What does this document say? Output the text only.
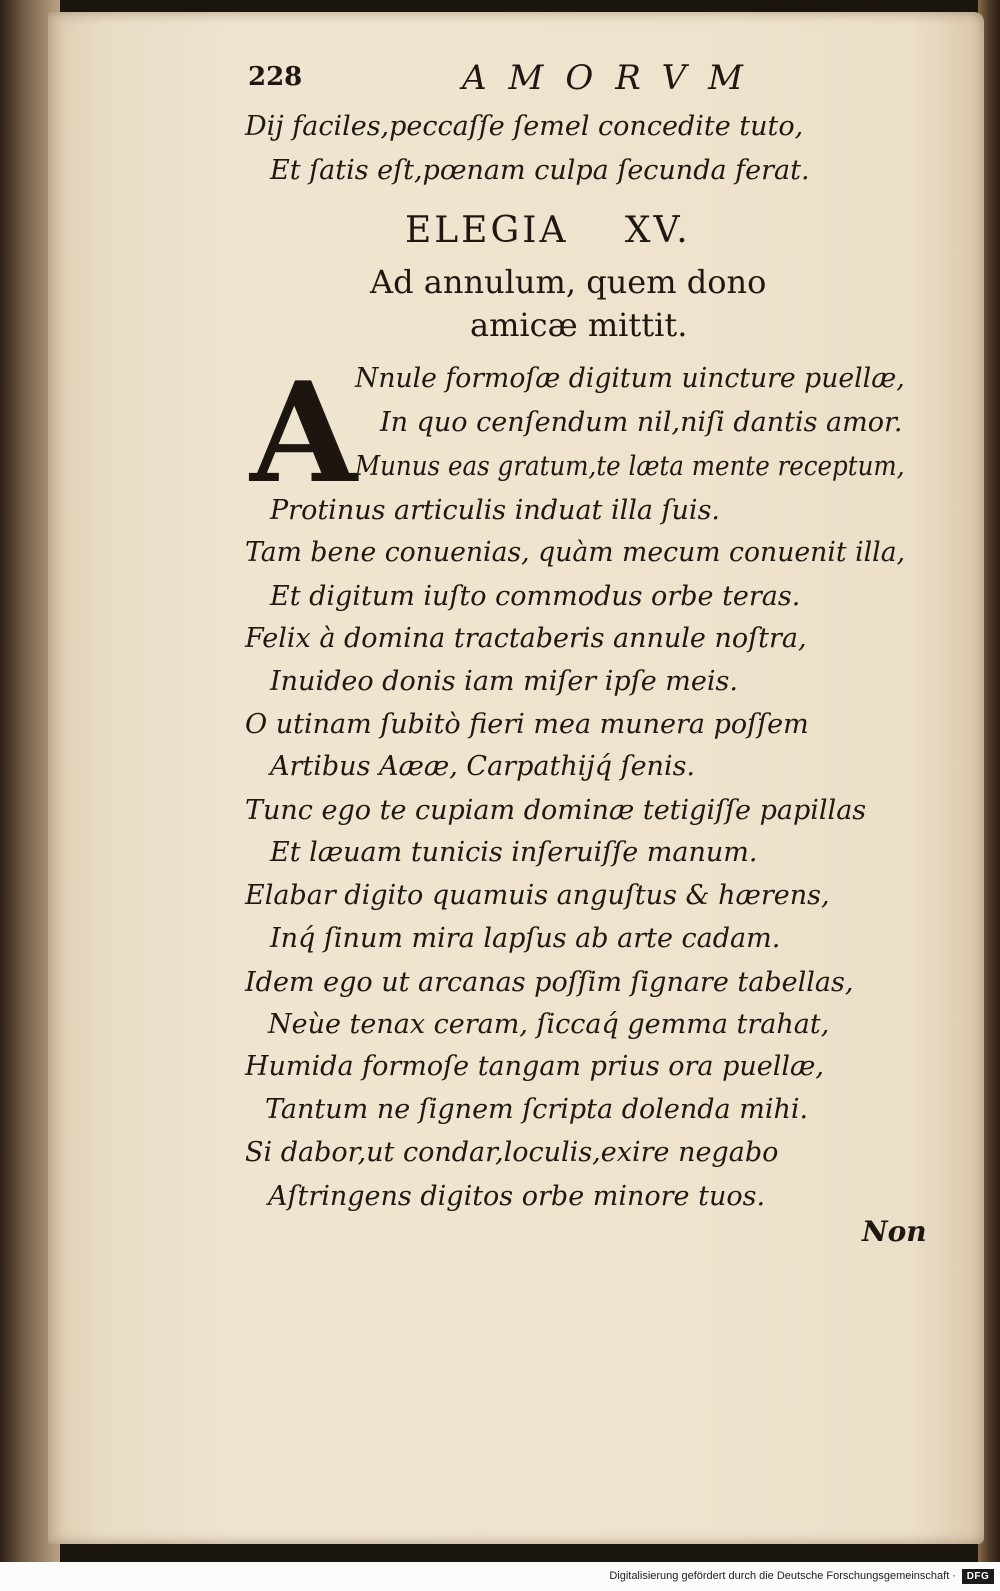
228	AMORVM
Dij faciles,peccaſſe ſemel concedite tuto,
Et ſatis eſt,pœnam culpa ſecunda ferat.
ELEGIA XV.
Ad annulum, quem dono
amicæ mittit.
A
Nnule formoſæ digitum uincture puellæ,
In quo cenſendum nil,niſi dantis amor.
Munus eas gratum,te læta mente receptum,
Protinus articulis induat illa ſuis.
Tam bene conuenias, quàm mecum conuenit illa,
Et digitum iuſto commodus orbe teras.
Felix à domina tractaberis annule noſtra,
Inuideo donis iam miſer ipſe meis.
O utinam ſubitò fieri mea munera poſſem
Artibus Aææ, Carpathijq́ ſenis.
Tunc ego te cupiam dominæ tetigiſſe papillas
Et læuam tunicis inſeruiſſe manum.
Elabar digito quamuis anguſtus & hærens,
Inq́ ſinum mira lapſus ab arte cadam.
Idem ego ut arcanas poſſim ſignare tabellas,
Neùe tenax ceram, ſiccaq́ gemma trahat,
Humida formoſe tangam prius ora puellæ,
Tantum ne ſignem ſcripta dolenda mihi.
Si dabor,ut condar,loculis,exire negabo
Aſtringens digitos orbe minore tuos.
Non
Digitalisierung gefördert durch die Deutsche Forschungsgemeinschaft ·	DFG
